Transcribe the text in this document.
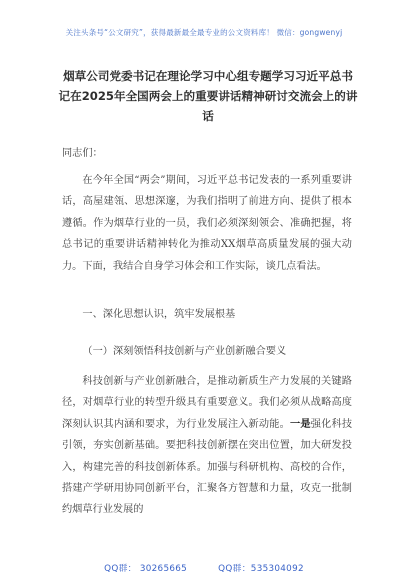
关注头条号“公文研究”，获得最新最全最专业的公文资料库！ 微信：gongwenyj
烟草公司党委书记在理论学习中心组专题学习习近平总书记在2025年全国两会上的重要讲话精神研讨交流会上的讲话
同志们：
在今年全国“两会”期间，习近平总书记发表的一系列重要讲话，高屋建瓴、思想深邃，为我们指明了前进方向、提供了根本遵循。作为烟草行业的一员，我们必须深刻领会、准确把握，将总书记的重要讲话精神转化为推动XX烟草高质量发展的强大动力。下面，我结合自身学习体会和工作实际，谈几点看法。
一、深化思想认识，筑牢发展根基
（一）深刻领悟科技创新与产业创新融合要义
科技创新与产业创新融合，是推动新质生产力发展的关键路径，对烟草行业的转型升级具有重要意义。我们必须从战略高度深刻认识其内涵和要求，为行业发展注入新动能。一是强化科技引领，夯实创新基础。要把科技创新摆在突出位置，加大研发投入，构建完善的科技创新体系。加强与科研机构、高校的合作，搭建产学研用协同创新平台，汇聚各方智慧和力量，攻克一批制约烟草行业发展的
QQ群： 30265665	QQ群：535304092
